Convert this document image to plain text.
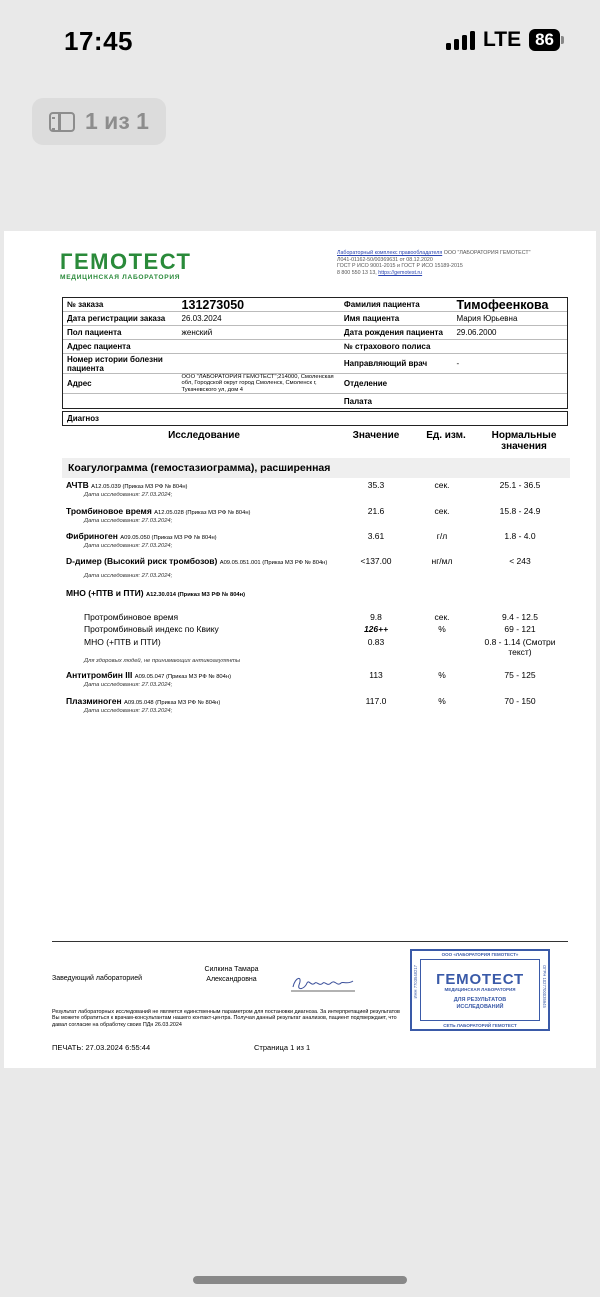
17:45	LTE 86
1 из 1
ГЕМОТЕСТ
МЕДИЦИНСКАЯ ЛАБОРАТОРИЯ
Лабораторный комплекс правообладателя ООО "ЛАБОРАТОРИЯ ГЕМОТЕСТ"
Л041-01162-50/00369631 от 08.12.2020
ГОСТ Р ИСО 9001-2015 и ГОСТ Р ИСО 15189-2015
8 800 550 13 13, https://gemotest.ru
№ заказа	131273050	Фамилия пациента	Тимофеенкова
Дата регистрации заказа	26.03.2024	Имя пациента	Мария Юрьевна
Пол пациента	женский	Дата рождения пациента	29.06.2000
Адрес пациента	№ страхового полиса
Номер истории болезни пациента	Направляющий врач	-
Адрес
ООО "ЛАБОРАТОРИЯ ГЕМОТЕСТ";214000, Смоленская обл, Городской округ город Смоленск, Смоленск г, Тукачевского ул, дом 4
Отделение
Палата
Диагноз
Исследование	Значение	Ед. изм.	Нормальные значения
Коагулограмма (гемостазиограмма), расширенная
АЧТВ A12.05.039 (Приказ МЗ РФ № 804н)
Дата исследования: 27.03.2024;
35.3	сек.	25.1 - 36.5
Тромбиновое время A12.05.028 (Приказ МЗ РФ № 804н)
Дата исследования: 27.03.2024;
21.6	сек.	15.8 - 24.9
Фибриноген A09.05.050 (Приказ МЗ РФ № 804н)
Дата исследования: 27.03.2024;
3.61	г/л	1.8 - 4.0
D-димер (Высокий риск тромбозов) A09.05.051.001 (Приказ МЗ РФ № 804н)
Дата исследования: 27.03.2024;
<137.00	нг/мл	< 243
МНО (+ПТВ и ПТИ) A12.30.014 (Приказ МЗ РФ № 804н)
Протромбиновое время	9.8	сек.	9.4 - 12.5
Протромбиновый индекс по Квику	126++	%	69 - 121
МНО (+ПТВ и ПТИ)	0.83	0.8 - 1.14 (Смотри текст)
Для здоровых людей, не принимающих антикоагулянты
Антитромбин III A09.05.047 (Приказ МЗ РФ № 804н)
Дата исследования: 27.03.2024;
113	%	75 - 125
Плазминоген A09.05.048 (Приказ МЗ РФ № 804н)
Дата исследования: 27.03.2024;
117.0	%	70 - 150
Заведующий лабораторией
Силкина Тамара Александровна
ООО «ЛАБОРАТОРИЯ ГЕМОТЕСТ»
СЕТЬ ЛАБОРАТОРИЙ ГЕМОТЕСТ
ИНН 7703548217	ОГРН 1027700035945
ГЕМОТЕСТ
МЕДИЦИНСКАЯ ЛАБОРАТОРИЯ
ДЛЯ РЕЗУЛЬТАТОВ ИССЛЕДОВАНИЙ
Результат лабораторных исследований не является единственным параметром для постановки диагноза. За интерпретацией результатов Вы можете обратиться к врачам-консультантам нашего контакт-центра. Получая данный результат анализов, пациент подтверждает, что давал согласие на обработку своих ПДн 26.03.2024
ПЕЧАТЬ: 27.03.2024 6:55:44	Страница 1 из 1
